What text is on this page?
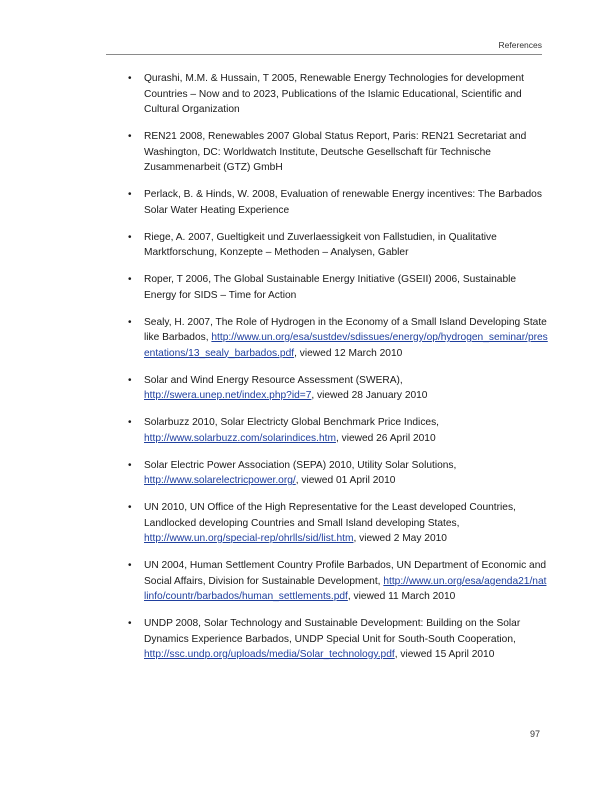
References
• Qurashi, M.M. & Hussain, T 2005, Renewable Energy Technologies for development Countries – Now and to 2023, Publications of the Islamic Educational, Scientific and Cultural Organization
• REN21 2008, Renewables 2007 Global Status Report, Paris: REN21 Secretariat and Washington, DC: Worldwatch Institute, Deutsche Gesellschaft für Technische Zusammenarbeit (GTZ) GmbH
• Perlack, B. & Hinds, W. 2008, Evaluation of renewable Energy incentives: The Barbados Solar Water Heating Experience
• Riege, A. 2007, Gueltigkeit und Zuverlaessigkeit von Fallstudien, in Qualitative Marktforschung, Konzepte – Methoden – Analysen, Gabler
• Roper, T 2006, The Global Sustainable Energy Initiative (GSEII) 2006, Sustainable Energy for SIDS – Time for Action
• Sealy, H. 2007, The Role of Hydrogen in the Economy of a Small Island Developing State like Barbados, http://www.un.org/esa/sustdev/sdissues/energy/op/hydrogen_seminar/presentations/13_sealy_barbados.pdf, viewed 12 March 2010
• Solar and Wind Energy Resource Assessment (SWERA), http://swera.unep.net/index.php?id=7, viewed 28 January 2010
• Solarbuzz 2010, Solar Electricty Global Benchmark Price Indices, http://www.solarbuzz.com/solarindices.htm, viewed 26 April 2010
• Solar Electric Power Association (SEPA) 2010, Utility Solar Solutions, http://www.solarelectricpower.org/, viewed 01 April 2010
• UN 2010, UN Office of the High Representative for the Least developed Countries, Landlocked developing Countries and Small Island developing States, http://www.un.org/special-rep/ohrlls/sid/list.htm, viewed 2 May 2010
• UN 2004, Human Settlement Country Profile Barbados, UN Department of Economic and Social Affairs, Division for Sustainable Development, http://www.un.org/esa/agenda21/natlinfo/countr/barbados/human_settlements.pdf, viewed 11 March 2010
• UNDP 2008, Solar Technology and Sustainable Development: Building on the Solar Dynamics Experience Barbados, UNDP Special Unit for South-South Cooperation, http://ssc.undp.org/uploads/media/Solar_technology.pdf, viewed 15 April 2010
97
